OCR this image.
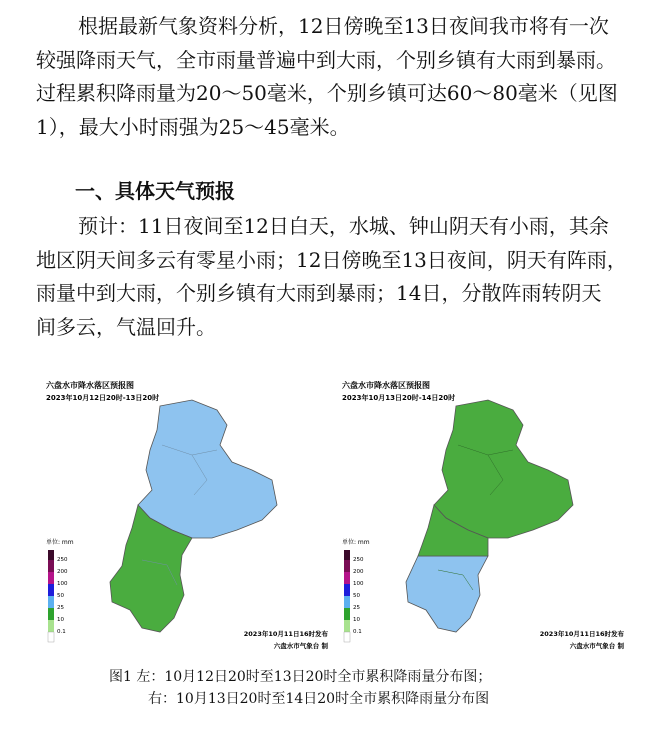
根据最新气象资料分析，12日傍晚至13日夜间我市将有一次
较强降雨天气，全市雨量普遍中到大雨，个别乡镇有大雨到暴雨。
过程累积降雨量为20～50毫米，个别乡镇可达60～80毫米（见图
1），最大小时雨强为25～45毫米。
一、具体天气预报
预计：11日夜间至12日白天，水城、钟山阴天有小雨，其余
地区阴天间多云有零星小雨；12日傍晚至13日夜间，阴天有阵雨，
雨量中到大雨，个别乡镇有大雨到暴雨；14日，分散阵雨转阴天
间多云，气温回升。
六盘水市降水落区预报图
2023年10月12日20时-13日20时
单位: mm
250
200
100
50
25
10
0.1	2023年10月11日16时发布
六盘水市气象台 制
六盘水市降水落区预报图
2023年10月13日20时-14日20时
单位: mm
250
200
100
50
25
10
0.1	2023年10月11日16时发布
六盘水市气象台 制
图1 左：10月12日20时至13日20时全市累积降雨量分布图；
右：10月13日20时至14日20时全市累积降雨量分布图
